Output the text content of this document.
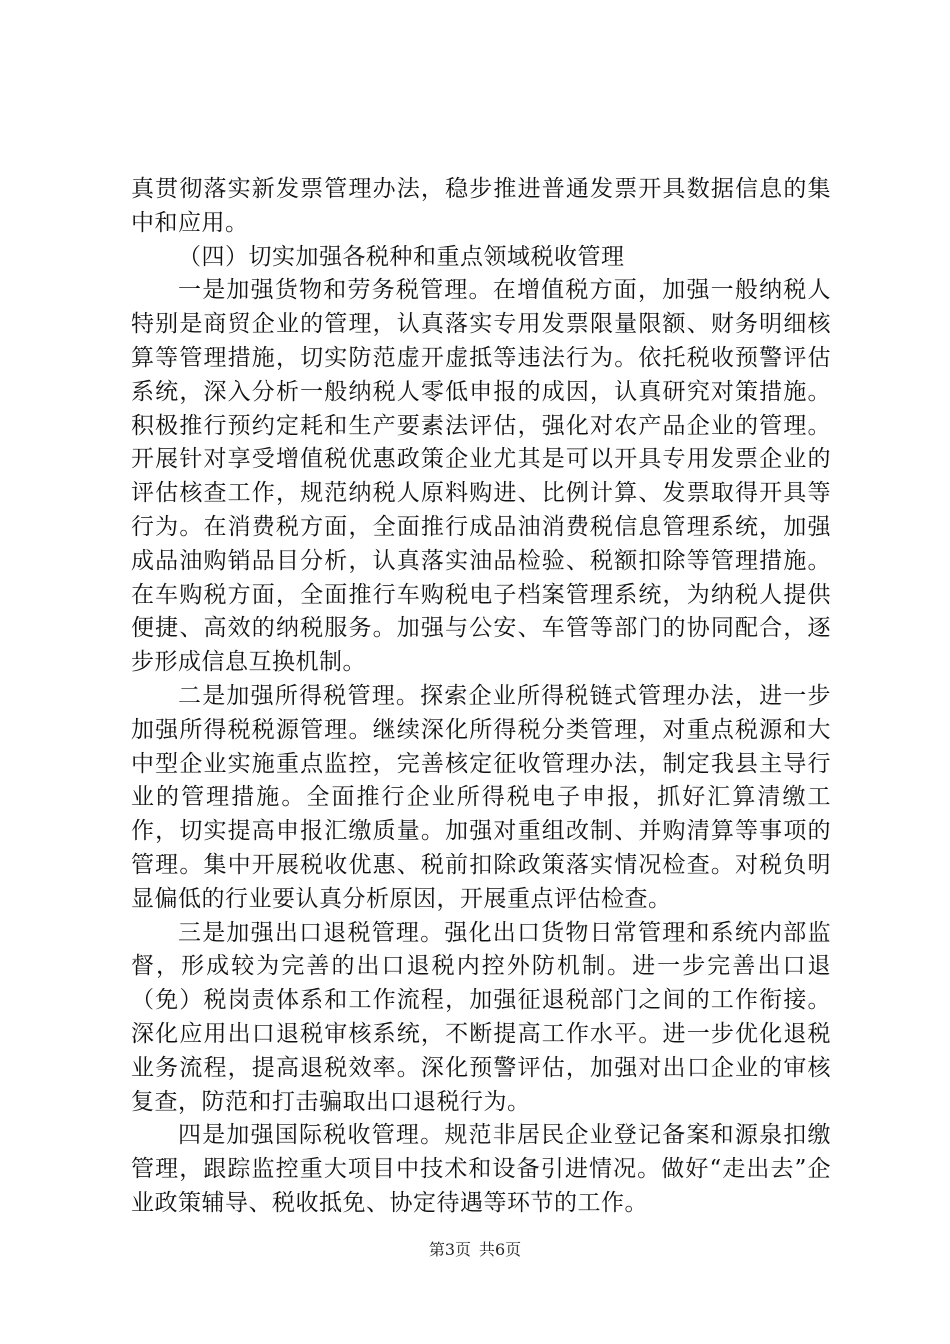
真贯彻落实新发票管理办法，稳步推进普通发票开具数据信息的集中和应用。

（四）切实加强各税种和重点领域税收管理

一是加强货物和劳务税管理。在增值税方面，加强一般纳税人特别是商贸企业的管理，认真落实专用发票限量限额、财务明细核算等管理措施，切实防范虚开虚抵等违法行为。依托税收预警评估系统，深入分析一般纳税人零低申报的成因，认真研究对策措施。积极推行预约定耗和生产要素法评估，强化对农产品企业的管理。开展针对享受增值税优惠政策企业尤其是可以开具专用发票企业的评估核查工作，规范纳税人原料购进、比例计算、发票取得开具等行为。在消费税方面，全面推行成品油消费税信息管理系统，加强成品油购销品目分析，认真落实油品检验、税额扣除等管理措施。在车购税方面，全面推行车购税电子档案管理系统，为纳税人提供便捷、高效的纳税服务。加强与公安、车管等部门的协同配合，逐步形成信息互换机制。

二是加强所得税管理。探索企业所得税链式管理办法，进一步加强所得税税源管理。继续深化所得税分类管理，对重点税源和大中型企业实施重点监控，完善核定征收管理办法，制定我县主导行业的管理措施。全面推行企业所得税电子申报，抓好汇算清缴工作，切实提高申报汇缴质量。加强对重组改制、并购清算等事项的管理。集中开展税收优惠、税前扣除政策落实情况检查。对税负明显偏低的行业要认真分析原因，开展重点评估检查。

三是加强出口退税管理。强化出口货物日常管理和系统内部监督，形成较为完善的出口退税内控外防机制。进一步完善出口退（免）税岗责体系和工作流程，加强征退税部门之间的工作衔接。深化应用出口退税审核系统，不断提高工作水平。进一步优化退税业务流程，提高退税效率。深化预警评估，加强对出口企业的审核复查，防范和打击骗取出口退税行为。

四是加强国际税收管理。规范非居民企业登记备案和源泉扣缴管理，跟踪监控重大项目中技术和设备引进情况。做好“走出去”企业政策辅导、税收抵免、协定待遇等环节的工作。

第3页 共6页
